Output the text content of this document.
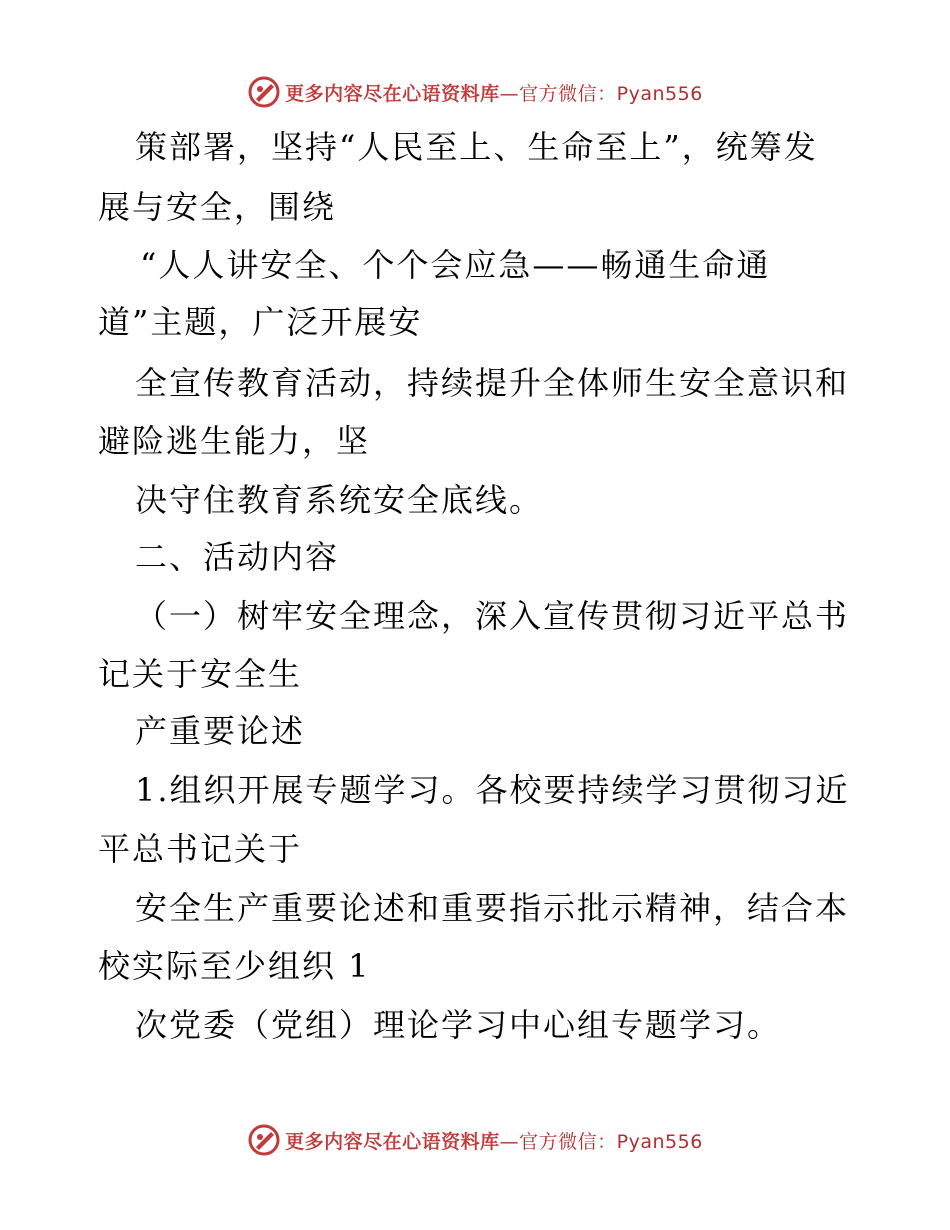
更多内容尽在心语资料库—官方微信：Pyan556
策部署，坚持“人民至上、生命至上”，统筹发
展与安全，围绕
“人人讲安全、个个会应急——畅通生命通
道”主题，广泛开展安
全宣传教育活动，持续提升全体师生安全意识和
避险逃生能力，坚
决守住教育系统安全底线。
二、活动内容
（一）树牢安全理念，深入宣传贯彻习近平总书
记关于安全生
产重要论述
1.组织开展专题学习。各校要持续学习贯彻习近
平总书记关于
安全生产重要论述和重要指示批示精神，结合本
校实际至少组织 1
次党委（党组）理论学习中心组专题学习。
更多内容尽在心语资料库—官方微信：Pyan556
